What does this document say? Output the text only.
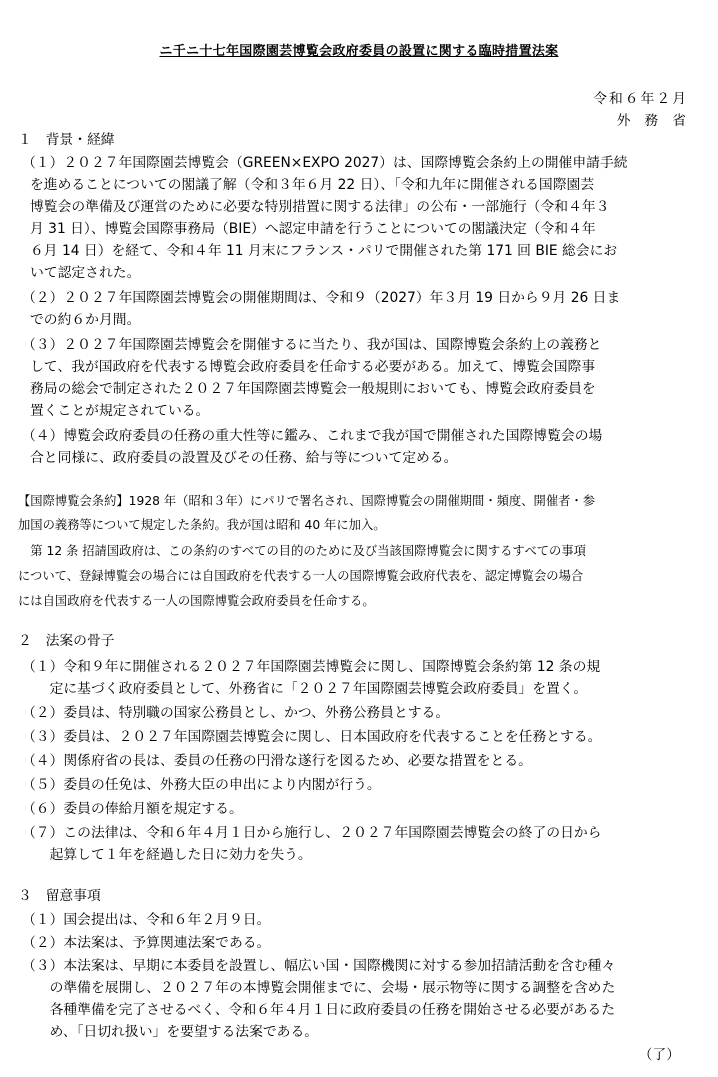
ニ千ニ十七年国際園芸博覧会政府委員の設置に関する臨時措置法案
令和６年２月
外務省
１　背景・経緯
（１）２０２７年国際園芸博覧会（GREEN×EXPO 2027）は、国際博覧会条約上の開催申請手続
を進めることについての閣議了解（令和３年６月 22 日）、「令和九年に開催される国際園芸
博覧会の準備及び運営のために必要な特別措置に関する法律」の公布・一部施行（令和４年３
月 31 日）、博覧会国際事務局（BIE）へ認定申請を行うことについての閣議決定（令和４年
６月 14 日）を経て、令和４年 11 月末にフランス・パリで開催された第 171 回 BIE 総会にお
いて認定された。
（２）２０２７年国際園芸博覧会の開催期間は、令和９（2027）年３月 19 日から９月 26 日ま
での約６か月間。
（３）２０２７年国際園芸博覧会を開催するに当たり、我が国は、国際博覧会条約上の義務と
して、我が国政府を代表する博覧会政府委員を任命する必要がある。加えて、博覧会国際事
務局の総会で制定された２０２７年国際園芸博覧会一般規則においても、博覧会政府委員を
置くことが規定されている。
（４）博覧会政府委員の任務の重大性等に鑑み、これまで我が国で開催された国際博覧会の場
合と同様に、政府委員の設置及びその任務、給与等について定める。
【国際博覧会条約】1928 年（昭和３年）にパリで署名され、国際博覧会の開催期間・頻度、開催者・参
加国の義務等について規定した条約。我が国は昭和 40 年に加入。
　第 12 条 招請国政府は、この条約のすべての目的のために及び当該国際博覧会に関するすべての事項
について、登録博覧会の場合には自国政府を代表する一人の国際博覧会政府代表を、認定博覧会の場合
には自国政府を代表する一人の国際博覧会政府委員を任命する。
２　法案の骨子
（１）令和９年に開催される２０２７年国際園芸博覧会に関し、国際博覧会条約第 12 条の規
　　定に基づく政府委員として、外務省に「２０２７年国際園芸博覧会政府委員」を置く。
（２）委員は、特別職の国家公務員とし、かつ、外務公務員とする。
（３）委員は、２０２７年国際園芸博覧会に関し、日本国政府を代表することを任務とする。
（４）関係府省の長は、委員の任務の円滑な遂行を図るため、必要な措置をとる。
（５）委員の任免は、外務大臣の申出により内閣が行う。
（６）委員の俸給月額を規定する。
（７）この法律は、令和６年４月１日から施行し、２０２７年国際園芸博覧会の終了の日から
　　起算して１年を経過した日に効力を失う。
３　留意事項
（１）国会提出は、令和６年２月９日。
（２）本法案は、予算関連法案である。
（３）本法案は、早期に本委員を設置し、幅広い国・国際機関に対する参加招請活動を含む種々
　　の準備を展開し、２０２７年の本博覧会開催までに、会場・展示物等に関する調整を含めた
　　各種準備を完了させるべく、令和６年４月１日に政府委員の任務を開始させる必要があるた
　　め、「日切れ扱い」を要望する法案である。
（了）
